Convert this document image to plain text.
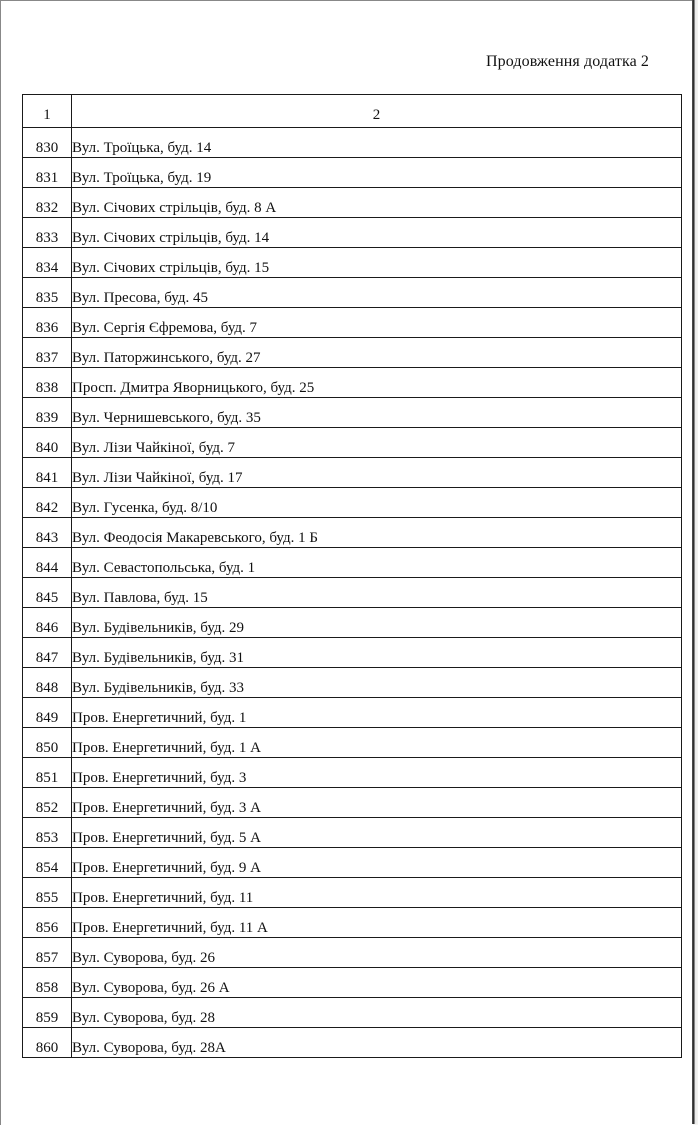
Продовження додатка 2
1	2
830	Вул. Троїцька, буд. 14
831	Вул. Троїцька, буд. 19
832	Вул. Січових стрільців, буд. 8 А
833	Вул. Січових стрільців, буд. 14
834	Вул. Січових стрільців, буд. 15
835	Вул. Пресова, буд. 45
836	Вул. Сергія Єфремова, буд. 7
837	Вул. Паторжинського, буд. 27
838	Просп. Дмитра Яворницького, буд. 25
839	Вул. Чернишевського, буд. 35
840	Вул. Лізи Чайкіної, буд. 7
841	Вул. Лізи Чайкіної, буд. 17
842	Вул. Гусенка, буд. 8/10
843	Вул. Феодосія Макаревського, буд. 1 Б
844	Вул. Севастопольська, буд. 1
845	Вул. Павлова, буд. 15
846	Вул. Будівельників, буд. 29
847	Вул. Будівельників, буд. 31
848	Вул. Будівельників, буд. 33
849	Пров. Енергетичний, буд. 1
850	Пров. Енергетичний, буд. 1 А
851	Пров. Енергетичний, буд. 3
852	Пров. Енергетичний, буд. 3 А
853	Пров. Енергетичний, буд. 5 А
854	Пров. Енергетичний, буд. 9 А
855	Пров. Енергетичний, буд. 11
856	Пров. Енергетичний, буд. 11 А
857	Вул. Суворова, буд. 26
858	Вул. Суворова, буд. 26 А
859	Вул. Суворова, буд. 28
860	Вул. Суворова, буд. 28А
